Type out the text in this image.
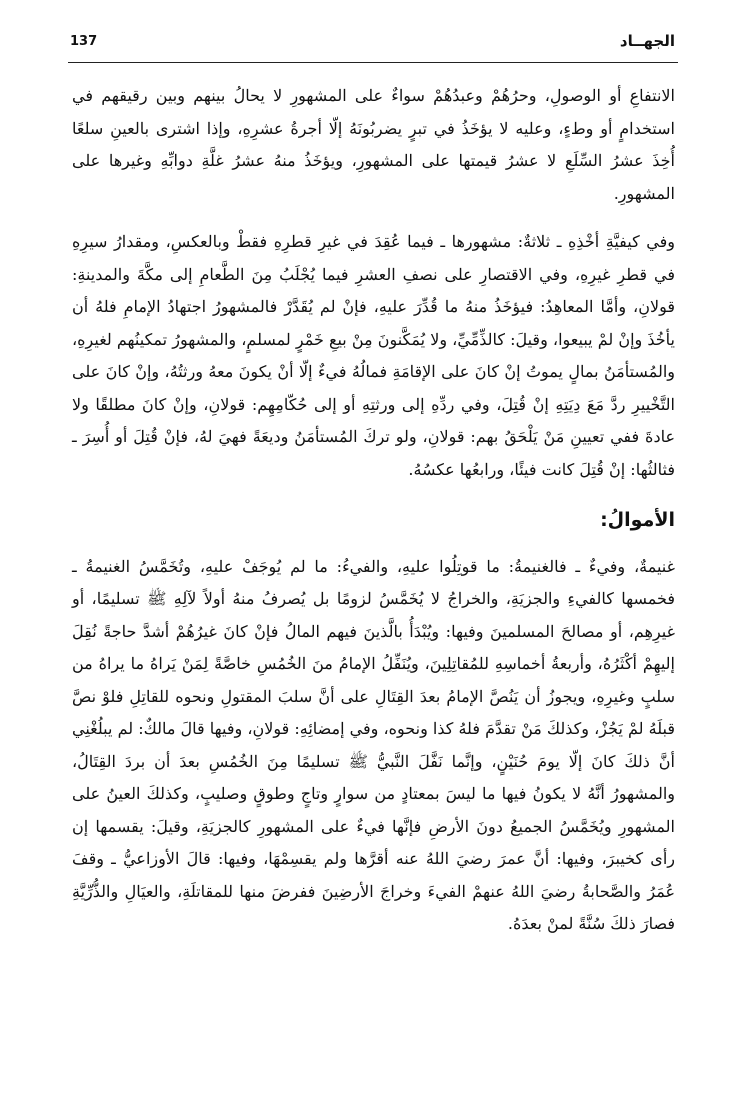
137	الجهــاد

الانتفاعِ أو الوصولِ، وحرُهُمْ وعبدُهُمْ سواءٌ على المشهورِ لا يحالُ بينهم وبين رقيقهم في استخدامٍ أو وطءٍ، وعليه لا يؤخَذُ في تبرٍ يضربُونَهُ إلّا أجرةُ عشرِهِ، وإذا اشترى بالعينِ سلعًا أُخِذَ عشرُ السِّلَعِ لا عشرُ قيمتها على المشهورِ، ويؤخَذُ منهُ عشرُ غلَّةِ دوابِّهِ وغيرها على المشهورِ.

وفي كيفيَّةِ أخْذِهِ ـ ثلاثةٌ: مشهورها ـ فيما عُقِدَ في غيرِ قطرِهِ فقطْ وبالعكسِ، ومقدارُ سيرِهِ في قطرِ غيرِهِ، وفي الاقتصارِ على نصفِ العشرِ فيما يُجْلَبُ مِنَ الطَّعامِ إلى مكَّةَ والمدينةِ: قولانِ، وأمَّا المعاهِدُ: فيؤخَذُ منهُ ما قُدِّرَ عليهِ، فإنْ لم يُقَدَّرْ فالمشهورُ اجتهادُ الإمامِ فلهُ أن يأخُذَ وإنْ لمْ يبيعوا، وقيلَ: كالذِّمِّيِّ، ولا يُمَكَّنونَ مِنْ بيعِ خَمْرٍ لمسلمٍ، والمشهورُ تمكينُهم لغيرِهِ، والمُستأمَنُ بمالٍ يموتُ إنْ كانَ على الإقامَةِ فمالُهُ فيءٌ إلّا أنْ يكونَ معهُ ورثتُهُ، وإنْ كانَ على التَّخْييرِ ردَّ مَعَ دِيَتِهِ إنْ قُتِلَ، وفي ردِّهِ إلى ورثتِهِ أو إلى حُكّامِهِم: قولانِ، وإنْ كانَ مطلقًا ولا عادةَ ففي تعيينِ مَنْ يَلْحَقُ بهم: قولانِ، ولو تركَ المُستأمَنُ وديعَةً فهيَ لهُ، فإنْ قُتِلَ أو أُسِرَ ـ فثالثُها: إنْ قُتِلَ كانت فيئًا، ورابعُها عكسُهُ.

الأموالُ:

غنيمةٌ، وفيءٌ ـ فالغنيمةُ: ما قوتِلُوا عليهِ، والفيءُ: ما لم يُوجَفْ عليهِ، وتُخَمَّسُ الغنيمةُ ـ فخمسها كالفيءِ والجزيَةِ، والخراجُ لا يُخَمَّسُ لزومًا بل يُصرفُ منهُ أولاً لآلِهِ ﷺ تسليمًا، أو غيرِهِم، أو مصالحَ المسلمينَ وفيها: ويُبْدَأُ بالَّذينَ فيهم المالُ فإنْ كانَ غيرُهُمْ أشدَّ حاجةً نُقِلَ إليهِمْ أكْثَرُهُ، وأربعةُ أخماسِهِ للمُقاتِلِينَ، ويُنَفِّلُ الإمامُ منَ الخُمُسِ خاصَّةً لِمَنْ يَراهُ ما يراهُ من سلبٍ وغيرِهِ، ويجوزُ أن يَنُصَّ الإمامُ بعدَ القِتَالِ على أنَّ سلبَ المقتولِ ونحوه للقاتِلِ فلوْ نصَّ قبلَهُ لمْ يَجُزْ، وكذلكَ مَنْ تقدَّمَ فلهُ كذا ونحوه، وفي إمضائِهِ: قولانِ، وفيها قالَ مالكٌ: لم يبلُغْنِي أنَّ ذلكَ كانَ إلّا يومَ حُنَيْنٍ، وإنَّما نَفَّلَ النَّبيُّ ﷺ تسليمًا مِنَ الخُمُسِ بعدَ أن بردَ القِتَالُ، والمشهورُ أنَّهُ لا يكونُ فيها ما ليسَ بمعتادٍ من سوارٍ وتاجٍ وطوقٍ وصليبٍ، وكذلكَ العينُ على المشهورِ ويُخَمَّسُ الجميعُ دونَ الأرضِ فإنَّها فيءٌ على المشهورِ كالجزيَةِ، وقيلَ: يقسمها إن رأى كخيبرَ، وفيها: أنَّ عمرَ رضيَ اللهُ عنه أقرَّها ولم يقسِمْهَا، وفيها: قالَ الأوزاعيُّ ـ وقفَ عُمَرُ والصَّحابةُ رضيَ اللهُ عنهمْ الفيءَ وخراجَ الأرضِينَ ففرضَ منها للمقاتلَةِ، والعيَالِ والذُّرِّيَّةِ فصارَ ذلكَ سُنَّةً لمنْ بعدَهُ.
